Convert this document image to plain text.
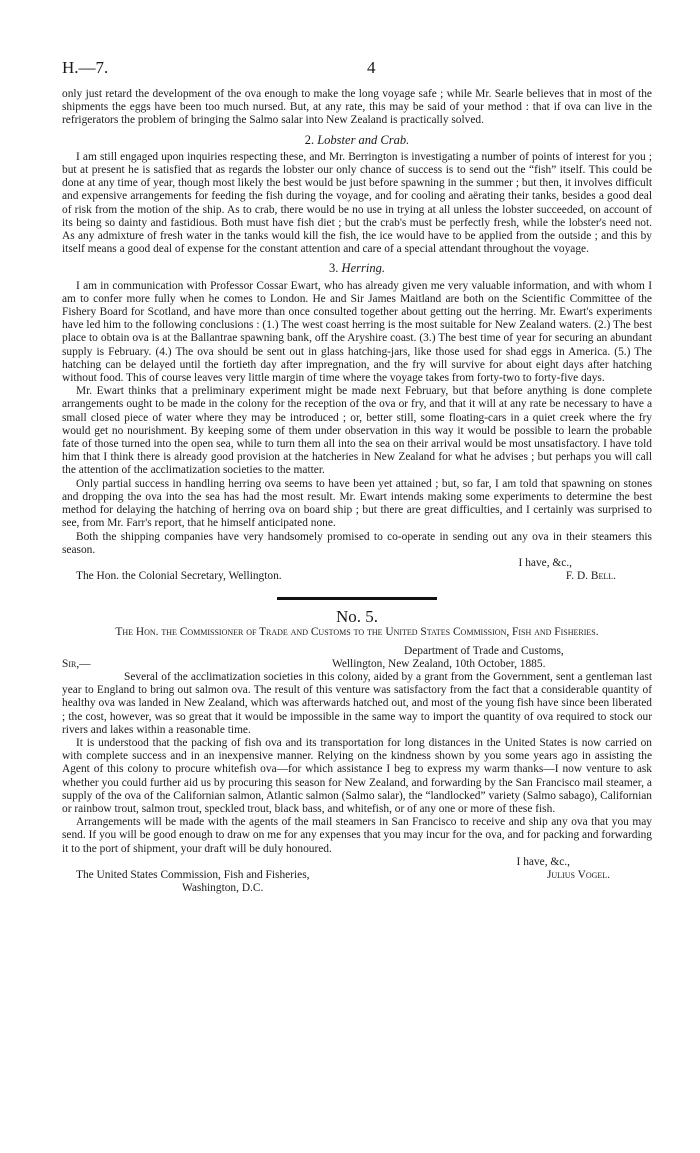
H.—7.	4

only just retard the development of the ova enough to make the long voyage safe ; while Mr. Searle believes that in most of the shipments the eggs have been too much nursed. But, at any rate, this may be said of your method : that if ova can live in the refrigerators the problem of bringing the Salmo salar into New Zealand is practically solved.

2. Lobster and Crab.

I am still engaged upon inquiries respecting these, and Mr. Berrington is investigating a number of points of interest for you ; but at present he is satisfied that as regards the lobster our only chance of success is to send out the “fish” itself. This could be done at any time of year, though most likely the best would be just before spawning in the summer ; but then, it involves difficult and expensive arrangements for feeding the fish during the voyage, and for cooling and aërating their tanks, besides a good deal of risk from the motion of the ship. As to crab, there would be no use in trying at all unless the lobster succeeded, on account of its being so dainty and fastidious. Both must have fish diet ; but the crab's must be perfectly fresh, while the lobster's need not. As any admixture of fresh water in the tanks would kill the fish, the ice would have to be applied from the outside ; and this by itself means a good deal of expense for the constant attention and care of a special attendant throughout the voyage.

3. Herring.

I am in communication with Professor Cossar Ewart, who has already given me very valuable information, and with whom I am to confer more fully when he comes to London. He and Sir James Maitland are both on the Scientific Committee of the Fishery Board for Scotland, and have more than once consulted together about getting out the herring. Mr. Ewart's experiments have led him to the following conclusions : (1.) The west coast herring is the most suitable for New Zealand waters. (2.) The best place to obtain ova is at the Ballantrae spawning bank, off the Aryshire coast. (3.) The best time of year for securing an abundant supply is February. (4.) The ova should be sent out in glass hatching-jars, like those used for shad eggs in America. (5.) The hatching can be delayed until the fortieth day after impregnation, and the fry will survive for about eight days after hatching without food. This of course leaves very little margin of time where the voyage takes from forty-two to forty-five days.

Mr. Ewart thinks that a preliminary experiment might be made next February, but that before anything is done complete arrangements ought to be made in the colony for the reception of the ova or fry, and that it will at any rate be necessary to have a small closed piece of water where they may be introduced ; or, better still, some floating-cars in a quiet creek where the fry would get no nourishment. By keeping some of them under observation in this way it would be possible to learn the probable fate of those turned into the open sea, while to turn them all into the sea on their arrival would be most unsatisfactory. I have told him that I think there is already good provision at the hatcheries in New Zealand for what he advises ; but perhaps you will call the attention of the acclimatization societies to the matter.

Only partial success in handling herring ova seems to have been yet attained ; but, so far, I am told that spawning on stones and dropping the ova into the sea has had the most result. Mr. Ewart intends making some experiments to determine the best method for delaying the hatching of herring ova on board ship ; but there are great difficulties, and I certainly was surprised to see, from Mr. Farr's report, that he himself anticipated none.

Both the shipping companies have very handsomely promised to co-operate in sending out any ova in their steamers this season.

I have, &c.,
The Hon. the Colonial Secretary, Wellington.	F. D. Bell.
No. 5.
The Hon. the Commissioner of Trade and Customs to the United States Commission, Fish and Fisheries.

Department of Trade and Customs,

Sir,—	Wellington, New Zealand, 10th October, 1885.

Several of the acclimatization societies in this colony, aided by a grant from the Government, sent a gentleman last year to England to bring out salmon ova. The result of this venture was satisfactory from the fact that a considerable quantity of healthy ova was landed in New Zealand, which was afterwards hatched out, and most of the young fish have since been liberated ; the cost, however, was so great that it would be impossible in the same way to import the quantity of ova required to stock our rivers and lakes within a reasonable time.

It is understood that the packing of fish ova and its transportation for long distances in the United States is now carried on with complete success and in an inexpensive manner. Relying on the kindness shown by you some years ago in assisting the Agent of this colony to procure whitefish ova—for which assistance I beg to express my warm thanks—I now venture to ask whether you could further aid us by procuring this season for New Zealand, and forwarding by the San Francisco mail steamer, a supply of the ova of the Californian salmon, Atlantic salmon (Salmo salar), the “landlocked” variety (Salmo sabago), Californian or rainbow trout, salmon trout, speckled trout, black bass, and whitefish, or of any one or more of these fish.

Arrangements will be made with the agents of the mail steamers in San Francisco to receive and ship any ova that you may send. If you will be good enough to draw on me for any expenses that you may incur for the ova, and for packing and forwarding it to the port of shipment, your draft will be duly honoured.

I have, &c.,
The United States Commission, Fish and Fisheries,	Julius Vogel.
Washington, D.C.
